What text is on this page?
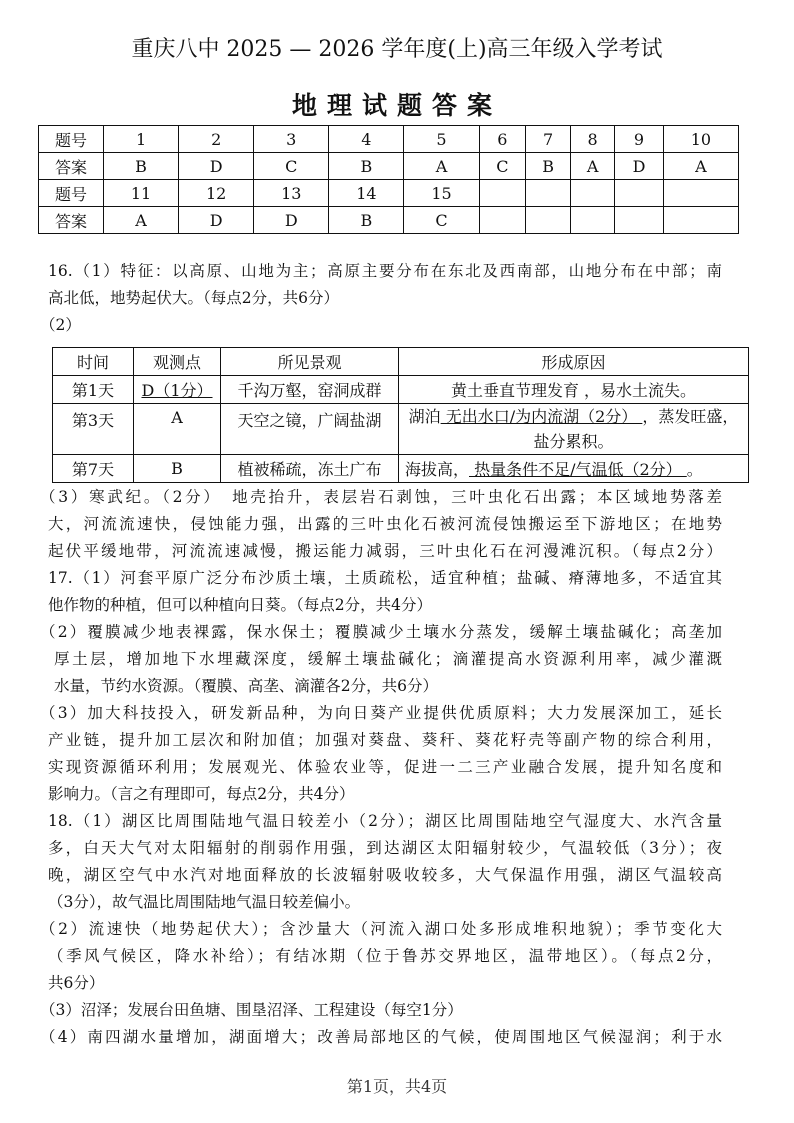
重庆八中 2025 — 2026 学年度(上)高三年级入学考试
地理试题答案
题号	1	2	3	4	5	6	7	8	9	10
答案	B	D	C	B	A	C	B	A	D	A
题号	11	12	13	14	15					
答案	A	D	D	B	C					
16.（1）特征：以高原、山地为主；高原主要分布在东北及西南部，山地分布在中部；南
高北低，地势起伏大。（每点2分，共6分）
（2）
时间	观测点	所见景观	形成原因
第1天	D（1分）	千沟万壑，窑洞成群	黄土垂直节理发育 ，易水土流失。
第3天	A	天空之镜，广阔盐湖	湖泊 无出水口/为内流湖（2分） ，蒸发旺盛，盐分累积。
第7天	B	植被稀疏，冻土广布	海拔高， 热量条件不足/气温低（2分） 。
（3）寒武纪。（2分）　地壳抬升，表层岩石剥蚀，三叶虫化石出露；本区域地势落差
大，河流流速快，侵蚀能力强，出露的三叶虫化石被河流侵蚀搬运至下游地区；在地势
起伏平缓地带，河流流速减慢，搬运能力减弱，三叶虫化石在河漫滩沉积。（每点2分）
17.（1）河套平原广泛分布沙质土壤，土质疏松，适宜种植；盐碱、瘠薄地多，不适宜其
他作物的种植，但可以种植向日葵。（每点2分，共4分）
（2）覆膜减少地表裸露，保水保土；覆膜减少土壤水分蒸发，缓解土壤盐碱化；高垄加
厚土层，增加地下水埋藏深度，缓解土壤盐碱化；滴灌提高水资源利用率，减少灌溉
水量，节约水资源。（覆膜、高垄、滴灌各2分，共6分）
（3）加大科技投入，研发新品种，为向日葵产业提供优质原料；大力发展深加工，延长
产业链，提升加工层次和附加值；加强对葵盘、葵秆、葵花籽壳等副产物的综合利用，
实现资源循环利用；发展观光、体验农业等，促进一二三产业融合发展，提升知名度和
影响力。（言之有理即可，每点2分，共4分）
18.（1）湖区比周围陆地气温日较差小（2分）；湖区比周围陆地空气湿度大、水汽含量
多，白天大气对太阳辐射的削弱作用强，到达湖区太阳辐射较少，气温较低（3分）；夜
晚，湖区空气中水汽对地面释放的长波辐射吸收较多，大气保温作用强，湖区气温较高
（3分），故气温比周围陆地气温日较差偏小。
（2）流速快（地势起伏大）；含沙量大（河流入湖口处多形成堆积地貌）；季节变化大
（季风气候区，降水补给）；有结冰期（位于鲁苏交界地区，温带地区）。（每点2分，
共6分）
（3）沼泽；发展台田鱼塘、围垦沼泽、工程建设（每空1分）
（4）南四湖水量增加，湖面增大；改善局部地区的气候，使周围地区气候湿润；利于水
第1页，共4页
